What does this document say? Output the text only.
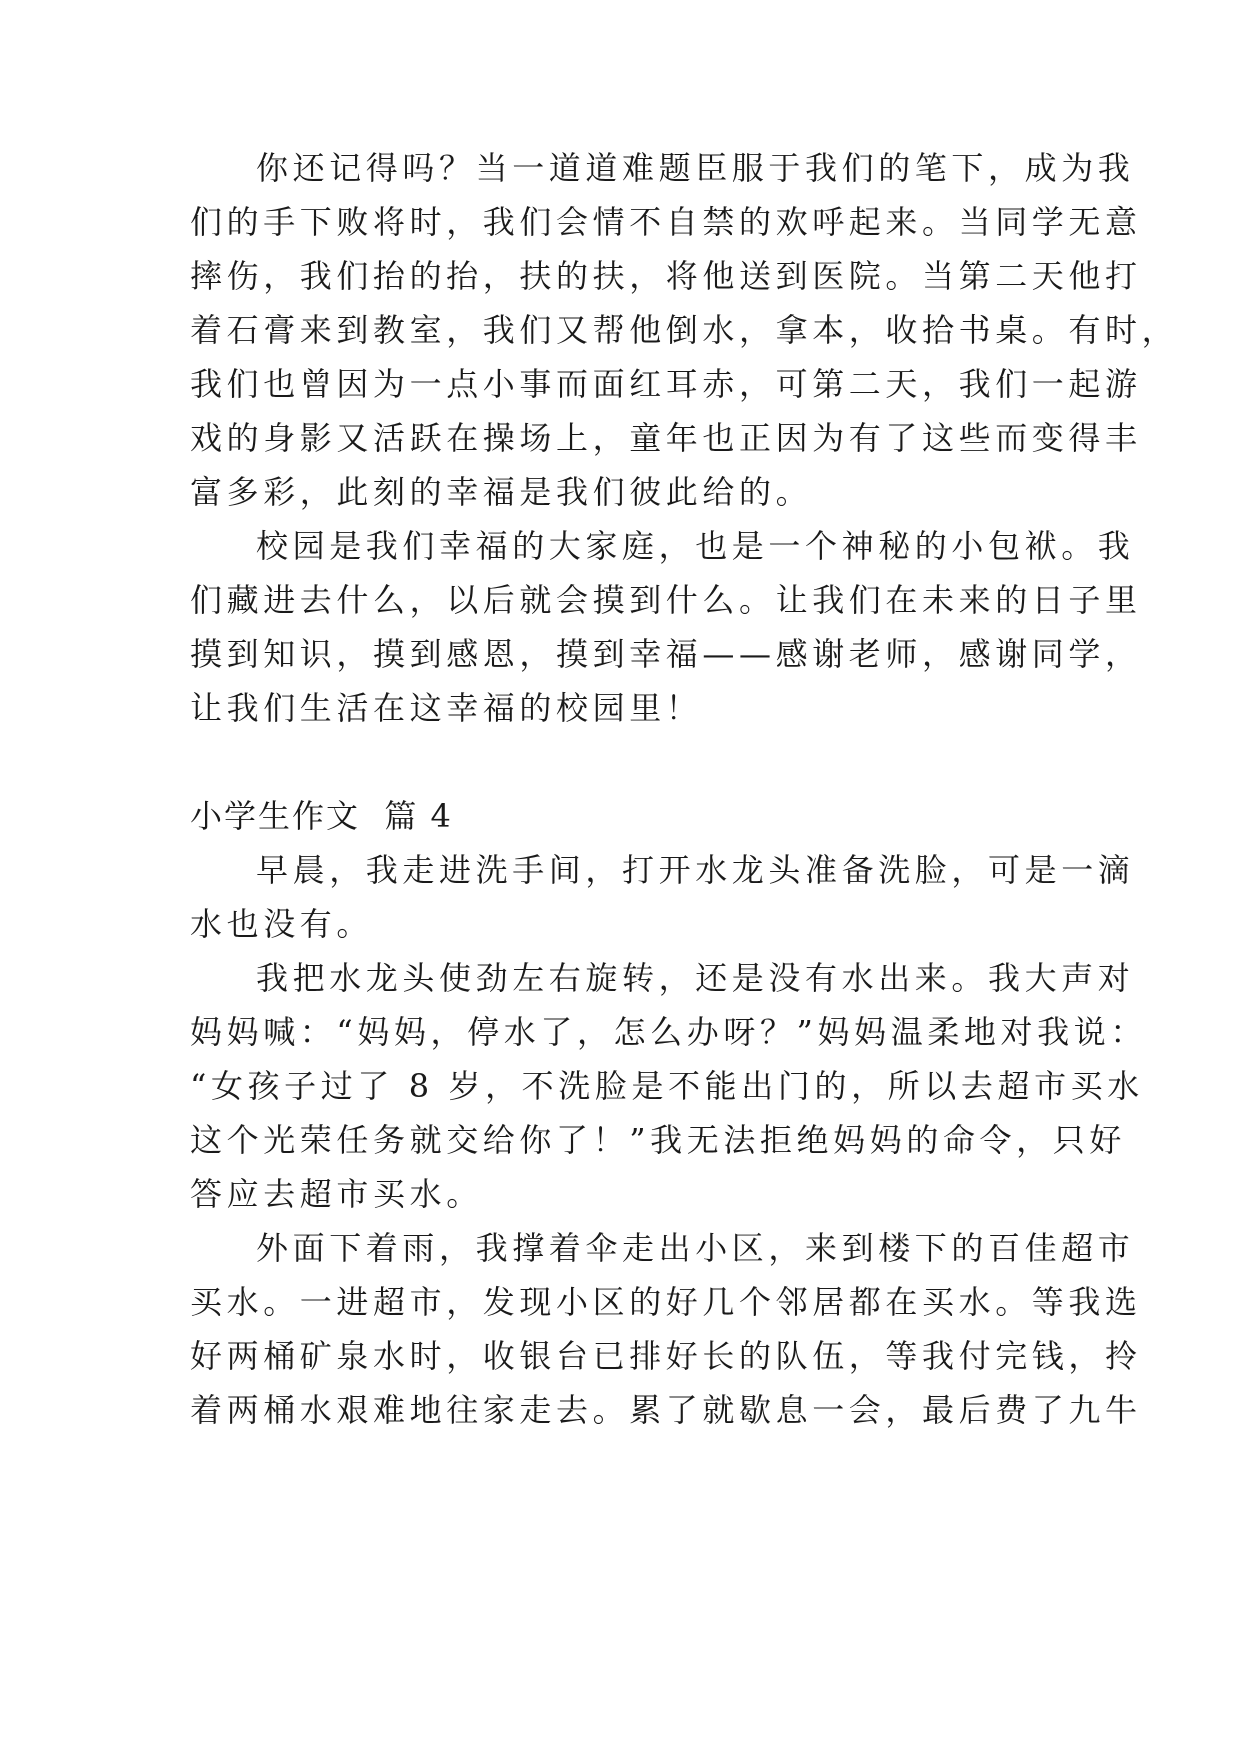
你还记得吗？当一道道难题臣服于我们的笔下，成为我
们的手下败将时，我们会情不自禁的欢呼起来。当同学无意
摔伤，我们抬的抬，扶的扶，将他送到医院。当第二天他打
着石膏来到教室，我们又帮他倒水，拿本，收拾书桌。有时，
我们也曾因为一点小事而面红耳赤，可第二天，我们一起游
戏的身影又活跃在操场上，童年也正因为有了这些而变得丰
富多彩，此刻的幸福是我们彼此给的。
校园是我们幸福的大家庭，也是一个神秘的小包袱。我
们藏进去什么，以后就会摸到什么。让我们在未来的日子里
摸到知识，摸到感恩，摸到幸福——感谢老师，感谢同学，
让我们生活在这幸福的校园里！
小学生作文  篇 4
早晨，我走进洗手间，打开水龙头准备洗脸，可是一滴
水也没有。
我把水龙头使劲左右旋转，还是没有水出来。我大声对
妈妈喊：“妈妈，停水了，怎么办呀？”妈妈温柔地对我说：
“女孩子过了 8 岁，不洗脸是不能出门的，所以去超市买水
这个光荣任务就交给你了！”我无法拒绝妈妈的命令，只好
答应去超市买水。
外面下着雨，我撑着伞走出小区，来到楼下的百佳超市
买水。一进超市，发现小区的好几个邻居都在买水。等我选
好两桶矿泉水时，收银台已排好长的队伍，等我付完钱，拎
着两桶水艰难地往家走去。累了就歇息一会，最后费了九牛
